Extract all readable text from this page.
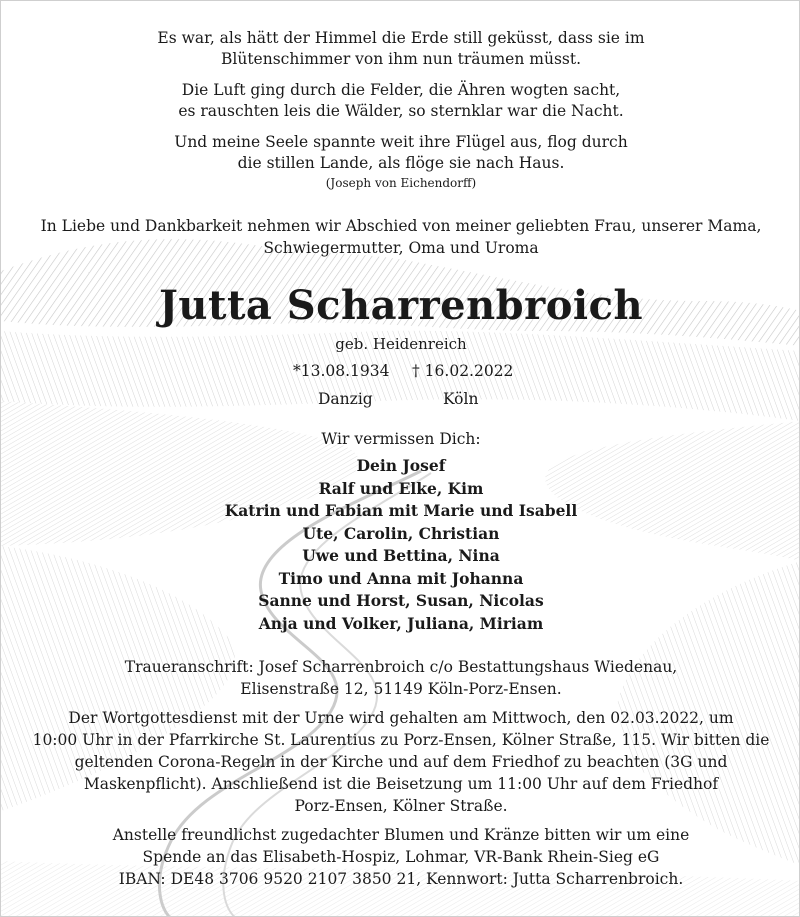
Es war, als hätt der Himmel die Erde still geküsst, dass sie im
Blütenschimmer von ihm nun träumen müsst.
Die Luft ging durch die Felder, die Ähren wogten sacht,
es rauschten leis die Wälder, so sternklar war die Nacht.
Und meine Seele spannte weit ihre Flügel aus, flog durch
die stillen Lande, als flöge sie nach Haus.
(Joseph von Eichendorff)
In Liebe und Dankbarkeit nehmen wir Abschied von meiner geliebten Frau, unserer Mama,
Schwiegermutter, Oma und Uroma
Jutta Scharrenbroich
geb. Heidenreich
*13.08.1934 † 16.02.2022
Danzig	Köln
Wir vermissen Dich:
Dein Josef
Ralf und Elke, Kim
Katrin und Fabian mit Marie und Isabell
Ute, Carolin, Christian
Uwe und Bettina, Nina
Timo und Anna mit Johanna
Sanne und Horst, Susan, Nicolas
Anja und Volker, Juliana, Miriam
Traueranschrift: Josef Scharrenbroich c/o Bestattungshaus Wiedenau,
Elisenstraße 12, 51149 Köln-Porz-Ensen.
Der Wortgottesdienst mit der Urne wird gehalten am Mittwoch, den 02.03.2022, um
10:00 Uhr in der Pfarrkirche St. Laurentius zu Porz-Ensen, Kölner Straße, 115. Wir bitten die
geltenden Corona-Regeln in der Kirche und auf dem Friedhof zu beachten (3G und
Maskenpflicht). Anschließend ist die Beisetzung um 11:00 Uhr auf dem Friedhof
Porz-Ensen, Kölner Straße.
Anstelle freundlichst zugedachter Blumen und Kränze bitten wir um eine
Spende an das Elisabeth-Hospiz, Lohmar, VR-Bank Rhein-Sieg eG
IBAN: DE48 3706 9520 2107 3850 21, Kennwort: Jutta Scharrenbroich.
